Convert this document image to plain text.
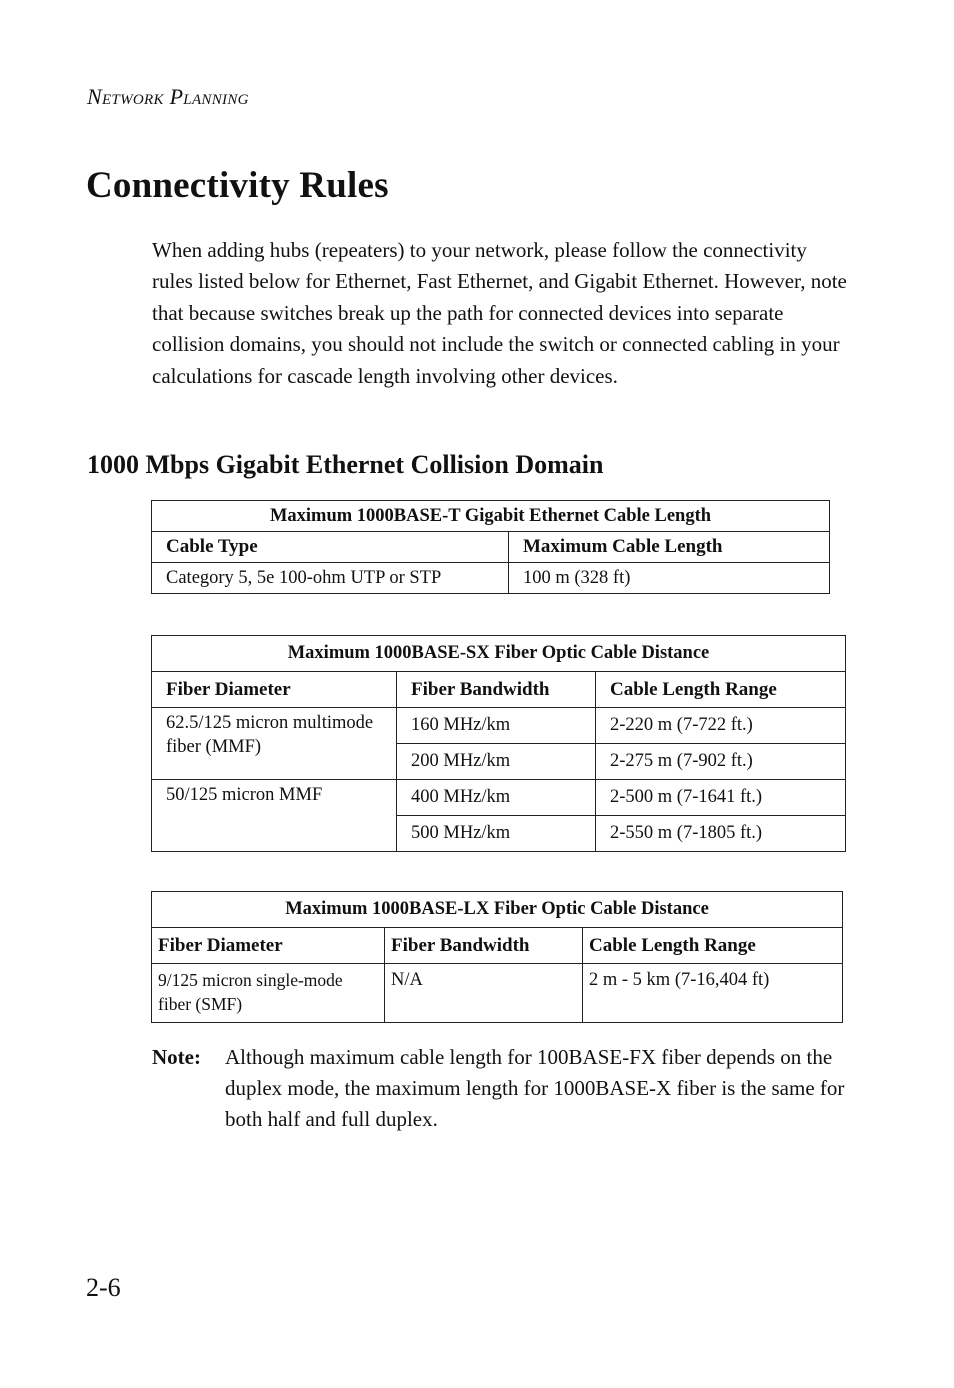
Network Planning
Connectivity Rules

When adding hubs (repeaters) to your network, please follow the connectivity rules listed below for Ethernet, Fast Ethernet, and Gigabit Ethernet. However, note that because switches break up the path for connected devices into separate collision domains, you should not include the switch or connected cabling in your calculations for cascade length involving other devices.

1000 Mbps Gigabit Ethernet Collision Domain
Maximum 1000BASE-T Gigabit Ethernet Cable Length	
Cable Type	Maximum Cable Length
Category 5, 5e 100-ohm UTP or STP	100 m (328 ft)
Maximum 1000BASE-SX Fiber Optic Cable Distance		
Fiber Diameter	Fiber Bandwidth	Cable Length Range
62.5/125 micron multimode fiber (MMF)	160 MHz/km	2-220 m (7-722 ft.)
	200 MHz/km	2-275 m (7-902 ft.)
50/125 micron MMF	400 MHz/km	2-500 m (7-1641 ft.)
	500 MHz/km	2-550 m (7-1805 ft.)
Maximum 1000BASE-LX Fiber Optic Cable Distance		
Fiber Diameter	Fiber Bandwidth	Cable Length Range
9/125 micron single-mode fiber (SMF)	N/A	2 m - 5 km (7-16,404 ft)
Note: Although maximum cable length for 100BASE-FX fiber depends on the duplex mode, the maximum length for 1000BASE-X fiber is the same for both half and full duplex.
2-6
